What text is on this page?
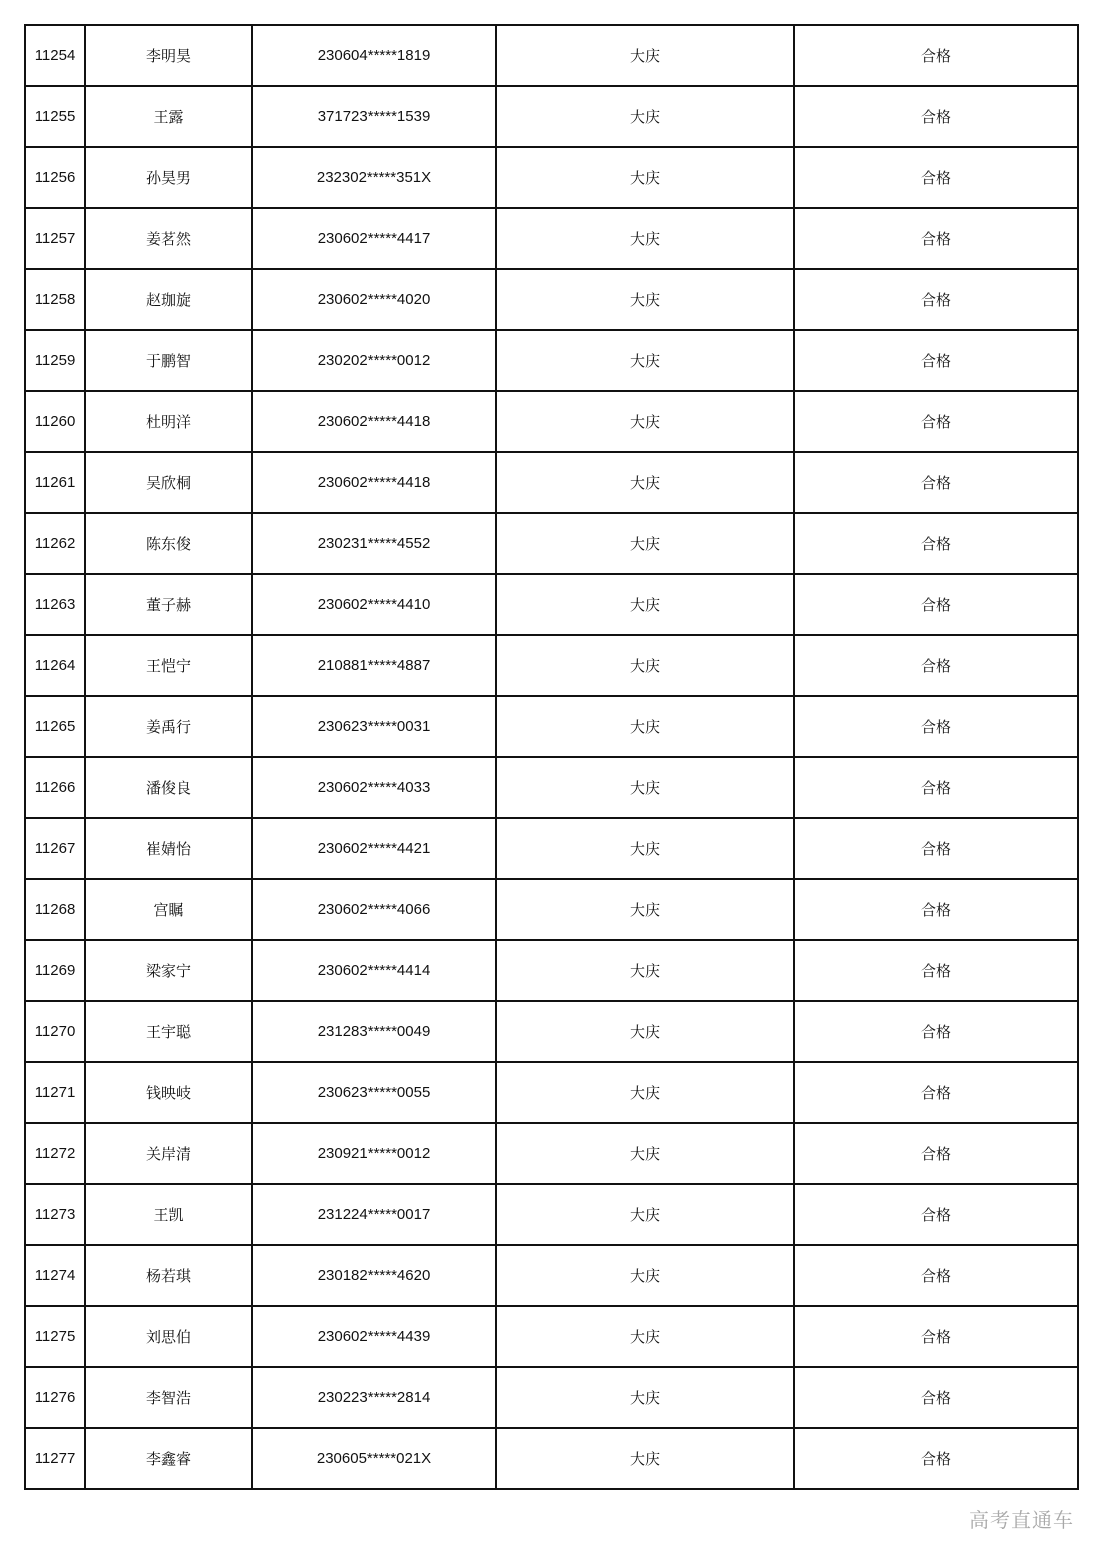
11254	李明昊	230604*****1819	大庆	合格
11255	王露	371723*****1539	大庆	合格
11256	孙昊男	232302*****351X	大庆	合格
11257	姜茗然	230602*****4417	大庆	合格
11258	赵珈旋	230602*****4020	大庆	合格
11259	于鹏智	230202*****0012	大庆	合格
11260	杜明洋	230602*****4418	大庆	合格
11261	吴欣桐	230602*****4418	大庆	合格
11262	陈东俊	230231*****4552	大庆	合格
11263	董子赫	230602*****4410	大庆	合格
11264	王恺宁	210881*****4887	大庆	合格
11265	姜禹行	230623*****0031	大庆	合格
11266	潘俊良	230602*****4033	大庆	合格
11267	崔婧怡	230602*****4421	大庆	合格
11268	宫瞩	230602*****4066	大庆	合格
11269	梁家宁	230602*****4414	大庆	合格
11270	王宇聪	231283*****0049	大庆	合格
11271	钱映岐	230623*****0055	大庆	合格
11272	关岸清	230921*****0012	大庆	合格
11273	王凯	231224*****0017	大庆	合格
11274	杨若琪	230182*****4620	大庆	合格
11275	刘思伯	230602*****4439	大庆	合格
11276	李智浩	230223*****2814	大庆	合格
11277	李鑫睿	230605*****021X	大庆	合格
高考直通车
